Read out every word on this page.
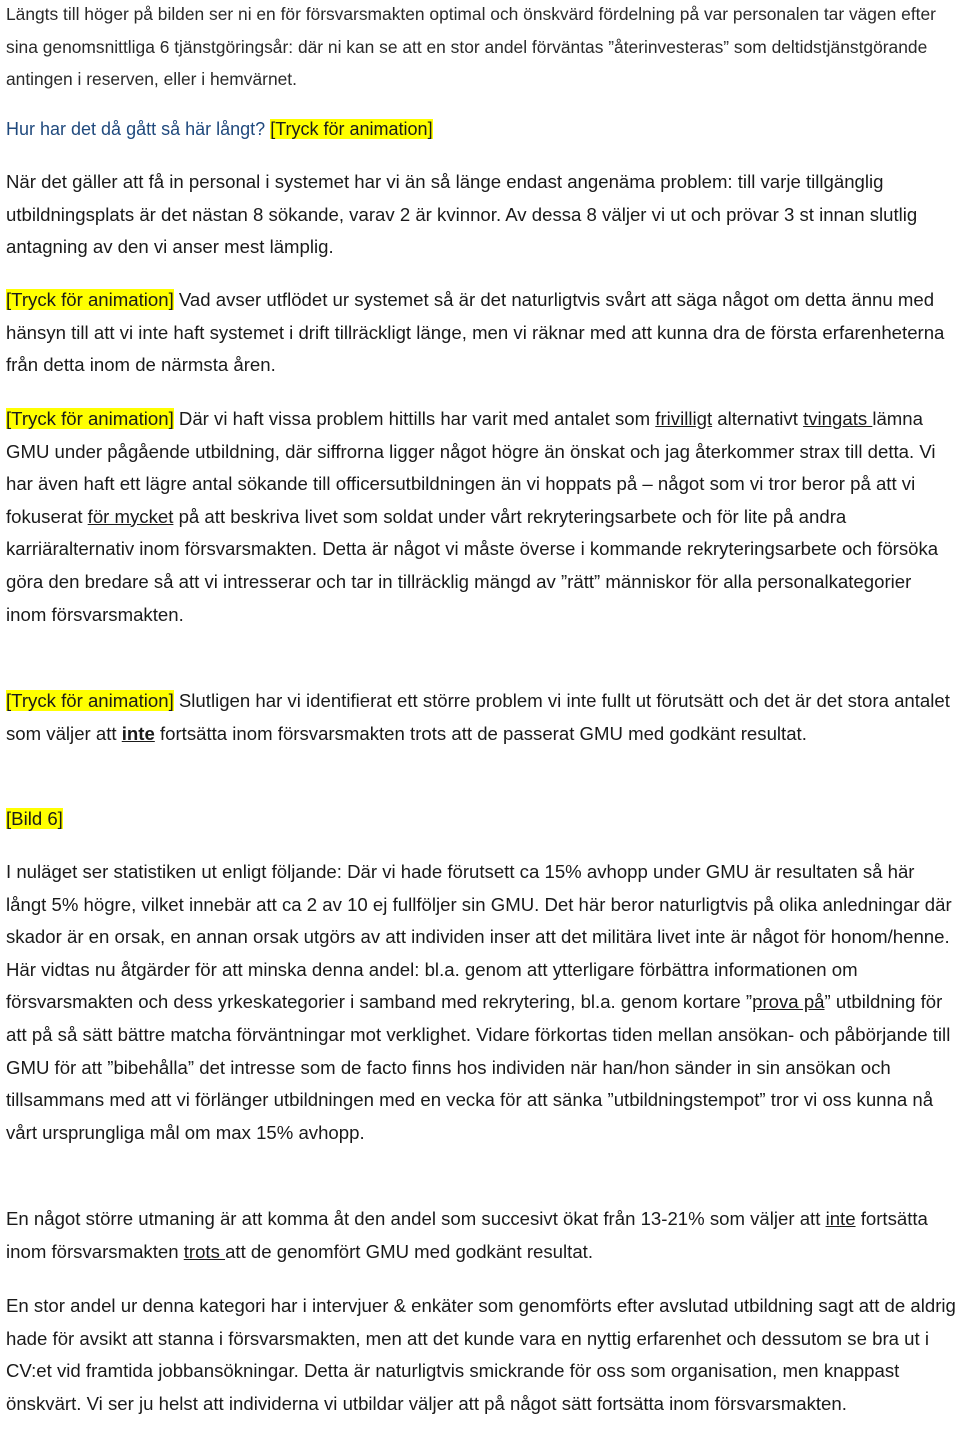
Längts till höger på bilden ser ni en för försvarsmakten optimal och önskvärd fördelning på var personalen tar vägen efter sina genomsnittliga 6 tjänstgöringsår: där ni kan se att en stor andel förväntas ”återinvesteras” som deltidstjänstgörande antingen i reserven, eller i hemvärnet.

Hur har det då gått så här långt? [Tryck för animation]

När det gäller att få in personal i systemet har vi än så länge endast angenäma problem: till varje tillgänglig utbildningsplats är det nästan 8 sökande, varav 2 är kvinnor. Av dessa 8 väljer vi ut och prövar 3 st innan slutlig antagning av den vi anser mest lämplig.

[Tryck för animation] Vad avser utflödet ur systemet så är det naturligtvis svårt att säga något om detta ännu med hänsyn till att vi inte haft systemet i drift tillräckligt länge, men vi räknar med att kunna dra de första erfarenheterna från detta inom de närmsta åren.

[Tryck för animation] Där vi haft vissa problem hittills har varit med antalet som frivilligt alternativt tvingats lämna GMU under pågående utbildning, där siffrorna ligger något högre än önskat och jag återkommer strax till detta. Vi har även haft ett lägre antal sökande till officersutbildningen än vi hoppats på – något som vi tror beror på att vi fokuserat för mycket på att beskriva livet som soldat under vårt rekryteringsarbete och för lite på andra karriäralternativ inom försvarsmakten. Detta är något vi måste överse i kommande rekryteringsarbete och försöka göra den bredare så att vi intresserar och tar in tillräcklig mängd av ”rätt” människor för alla personalkategorier inom försvarsmakten.

[Tryck för animation] Slutligen har vi identifierat ett större problem vi inte fullt ut förutsätt och det är det stora antalet som väljer att inte fortsätta inom försvarsmakten trots att de passerat GMU med godkänt resultat.

[Bild 6]

I nuläget ser statistiken ut enligt följande: Där vi hade förutsett ca 15% avhopp under GMU är resultaten så här långt 5% högre, vilket innebär att ca 2 av 10 ej fullföljer sin GMU. Det här beror naturligtvis på olika anledningar där skador är en orsak, en annan orsak utgörs av att individen inser att det militära livet inte är något för honom/henne. Här vidtas nu åtgärder för att minska denna andel: bl.a. genom att ytterligare förbättra informationen om försvarsmakten och dess yrkeskategorier i samband med rekrytering, bl.a. genom kortare ”prova på” utbildning för att på så sätt bättre matcha förväntningar mot verklighet. Vidare förkortas tiden mellan ansökan- och påbörjande till GMU för att ”bibehålla” det intresse som de facto finns hos individen när han/hon sänder in sin ansökan och tillsammans med att vi förlänger utbildningen med en vecka för att sänka ”utbildningstempot” tror vi oss kunna nå vårt ursprungliga mål om max 15% avhopp.

En något större utmaning är att komma åt den andel som succesivt ökat från 13-21% som väljer att inte fortsätta inom försvarsmakten trots att de genomfört GMU med godkänt resultat.

En stor andel ur denna kategori har i intervjuer & enkäter som genomförts efter avslutad utbildning sagt att de aldrig hade för avsikt att stanna i försvarsmakten, men att det kunde vara en nyttig erfarenhet och dessutom se bra ut i CV:et vid framtida jobbansökningar. Detta är naturligtvis smickrande för oss som organisation, men knappast önskvärt. Vi ser ju helst att individerna vi utbildar väljer att på något sätt fortsätta inom försvarsmakten.
